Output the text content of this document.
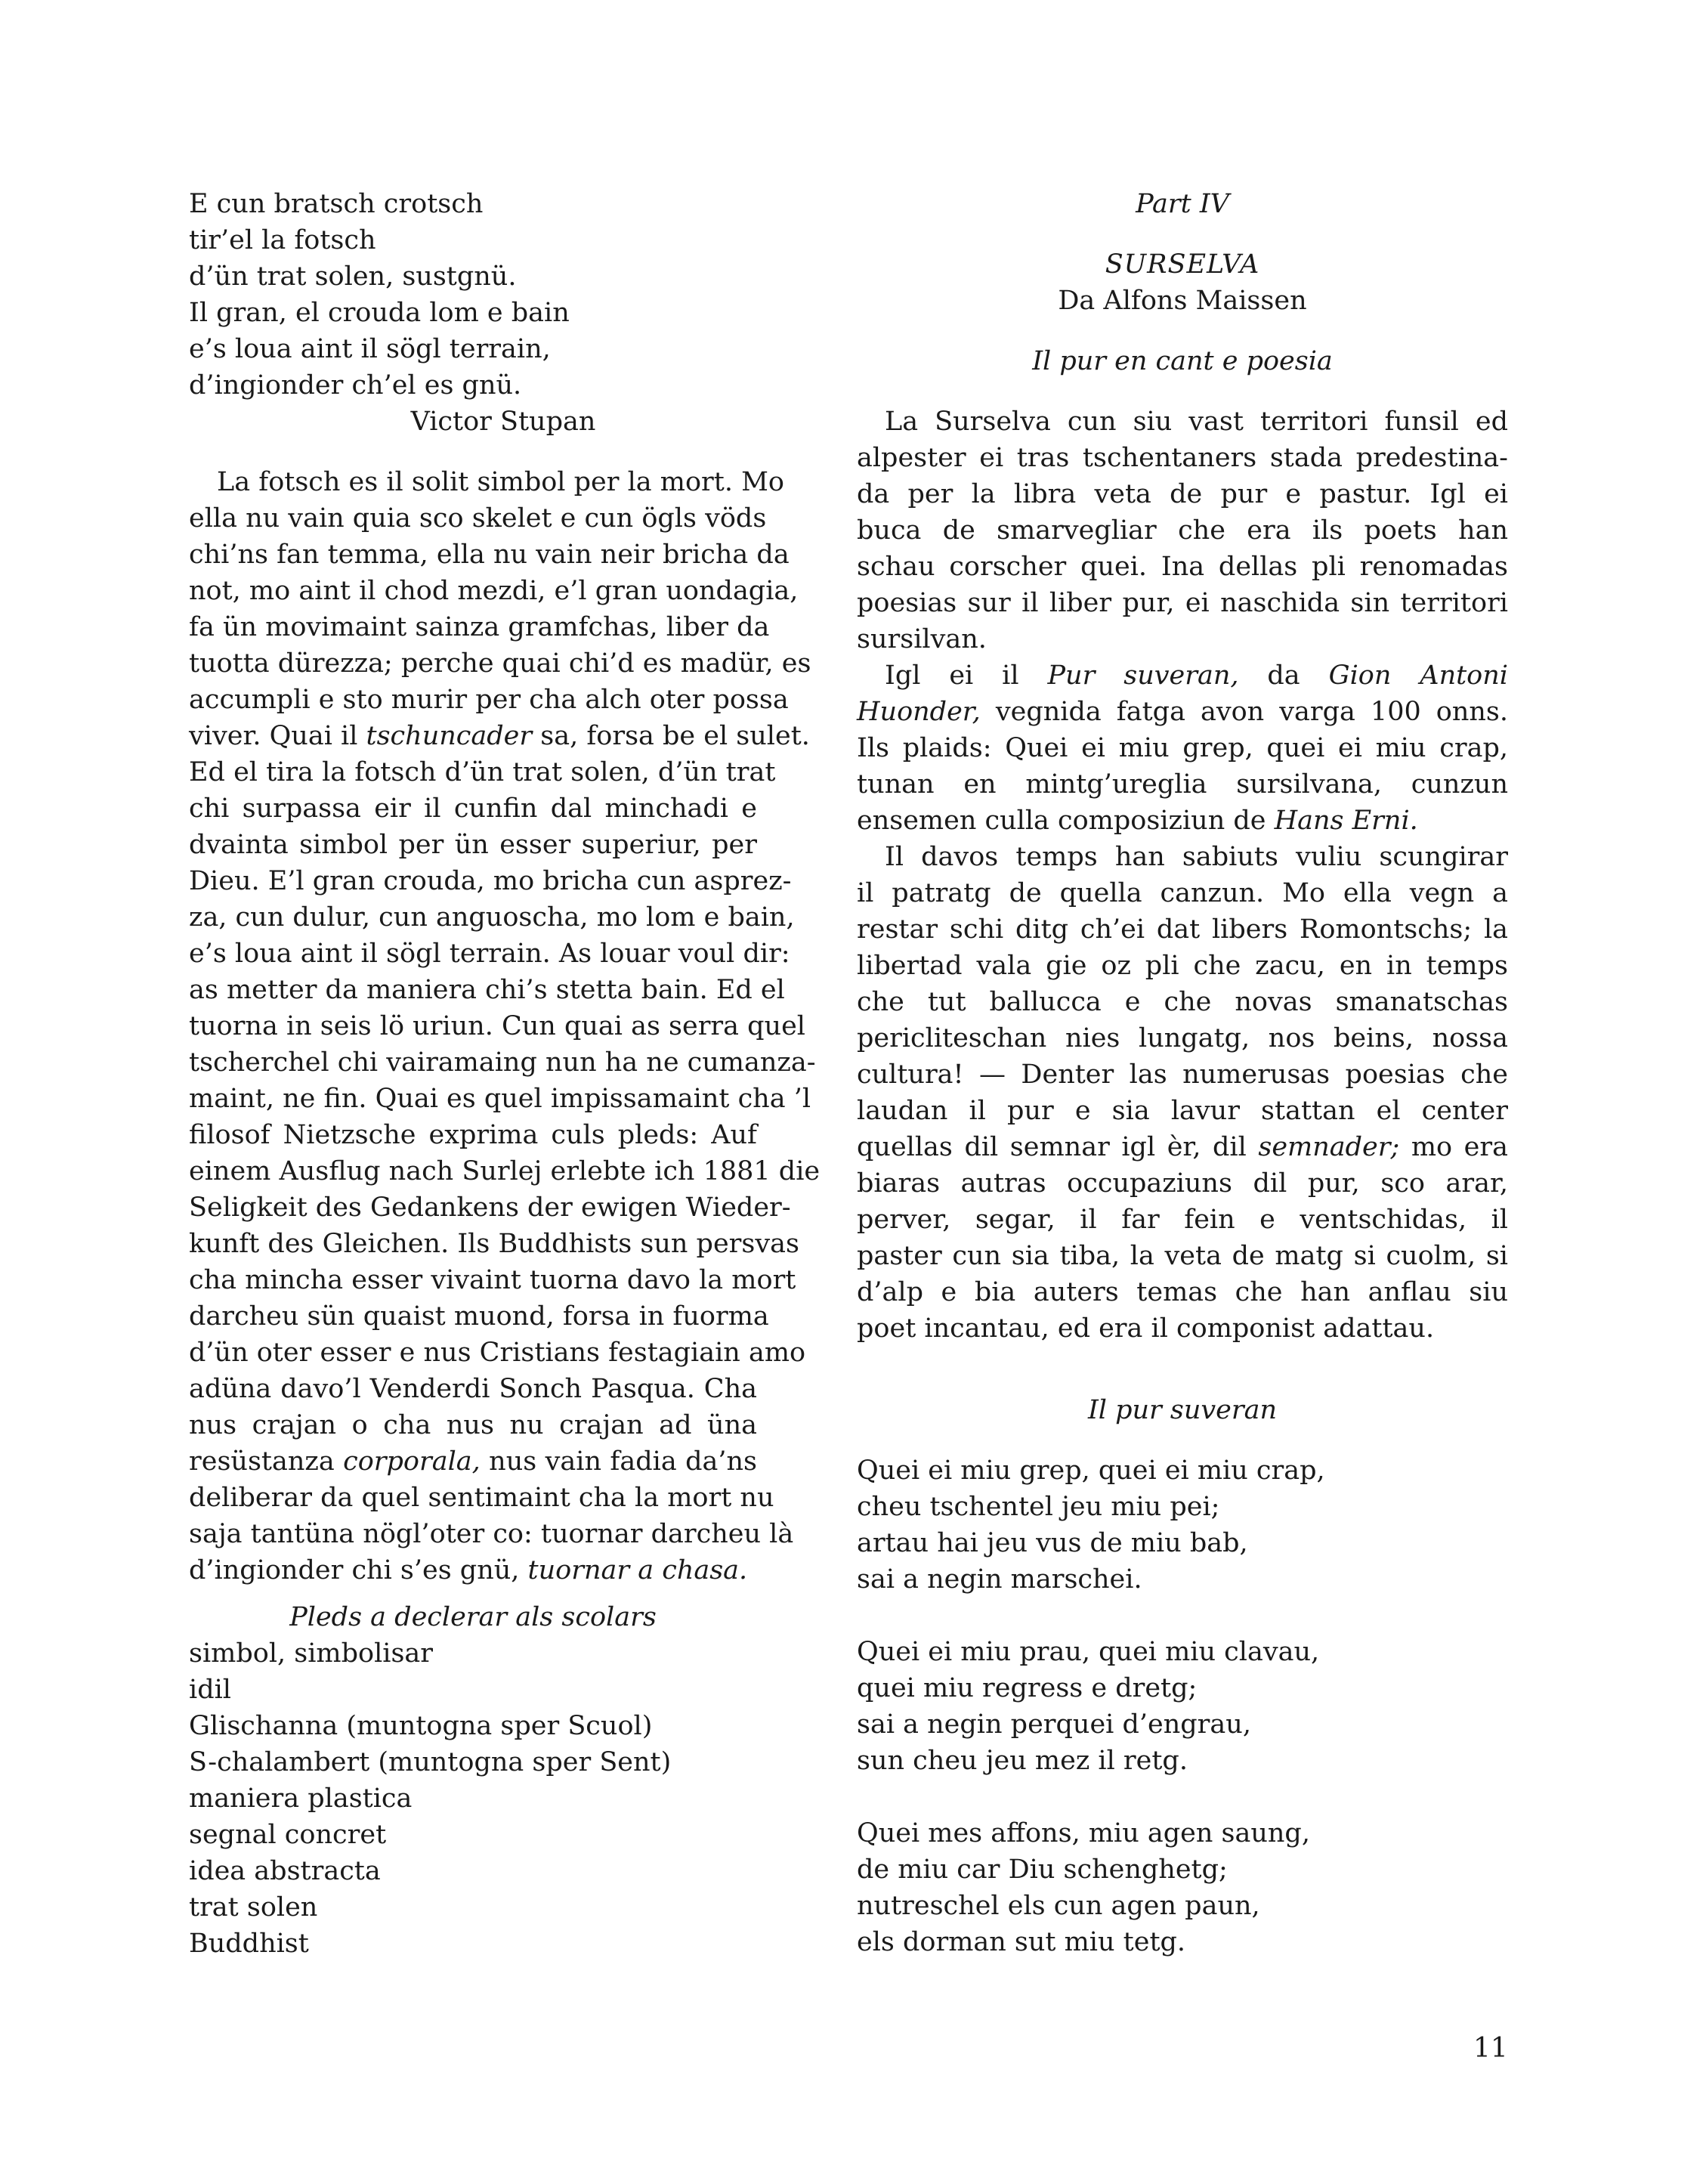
E cun bratsch crotsch
tir’el la fotsch
d’ün trat solen, sustgnü.
Il gran, el crouda lom e bain
e’s loua aint il sögl terrain,
d’ingionder ch’el es gnü.
Victor Stupan
La fotsch es il solit simbol per la mort. Mo
ella nu vain quia sco skelet e cun ögls vöds
chi’ns fan temma, ella nu vain neir bricha da
not, mo aint il chod mezdi, e’l gran uondagia,
fa ün movimaint sainza gramfchas, liber da
tuotta dürezza; perche quai chi’d es madür, es
accumpli e sto murir per cha alch oter possa
viver. Quai il tschuncader sa, forsa be el sulet.
Ed el tira la fotsch d’ün trat solen, d’ün trat
chi surpassa eir il cunfin dal minchadi e
dvainta simbol per ün esser superiur, per
Dieu. E’l gran crouda, mo bricha cun asprez-
za, cun dulur, cun anguoscha, mo lom e bain,
e’s loua aint il sögl terrain. As louar voul dir:
as metter da maniera chi’s stetta bain. Ed el
tuorna in seis lö uriun. Cun quai as serra quel
tscherchel chi vairamaing nun ha ne cumanza-
maint, ne fin. Quai es quel impissamaint cha ’l
filosof Nietzsche exprima culs pleds: Auf
einem Ausflug nach Surlej erlebte ich 1881 die
Seligkeit des Gedankens der ewigen Wieder-
kunft des Gleichen. Ils Buddhists sun persvas
cha mincha esser vivaint tuorna davo la mort
darcheu sün quaist muond, forsa in fuorma
d’ün oter esser e nus Cristians festagiain amo
adüna davo’l Venderdi Sonch Pasqua. Cha
nus crajan o cha nus nu crajan ad üna
resüstanza corporala, nus vain fadia da’ns
deliberar da quel sentimaint cha la mort nu
saja tantüna nögl’oter co: tuornar darcheu là
d’ingionder chi s’es gnü, tuornar a chasa.
Pleds a declerar als scolars
simbol, simbolisar
idil
Glischanna (muntogna sper Scuol)
S-chalambert (muntogna sper Sent)
maniera plastica
segnal concret
idea abstracta
trat solen
Buddhist
Part IV
SURSELVA
Da Alfons Maissen
Il pur en cant e poesia
La Surselva cun siu vast territori funsil ed
alpester ei tras tschentaners stada predestina-
da per la libra veta de pur e pastur. Igl ei
buca de smarvegliar che era ils poets han
schau corscher quei. Ina dellas pli renomadas
poesias sur il liber pur, ei naschida sin territori
sursilvan.
Igl ei il Pur suveran, da Gion Antoni
Huonder, vegnida fatga avon varga 100 onns.
Ils plaids: Quei ei miu grep, quei ei miu crap,
tunan en mintg’ureglia sursilvana, cunzun
ensemen culla composiziun de Hans Erni.
Il davos temps han sabiuts vuliu scungirar
il patratg de quella canzun. Mo ella vegn a
restar schi ditg ch’ei dat libers Romontschs; la
libertad vala gie oz pli che zacu, en in temps
che tut ballucca e che novas smanatschas
pericliteschan nies lungatg, nos beins, nossa
cultura! — Denter las numerusas poesias che
laudan il pur e sia lavur stattan el center
quellas dil semnar igl èr, dil semnader; mo era
biaras autras occupaziuns dil pur, sco arar,
perver, segar, il far fein e ventschidas, il
paster cun sia tiba, la veta de matg si cuolm, si
d’alp e bia auters temas che han anflau siu
poet incantau, ed era il componist adattau.
Il pur suveran
Quei ei miu grep, quei ei miu crap,
cheu tschentel jeu miu pei;
artau hai jeu vus de miu bab,
sai a negin marschei.
Quei ei miu prau, quei miu clavau,
quei miu regress e dretg;
sai a negin perquei d’engrau,
sun cheu jeu mez il retg.
Quei mes affons, miu agen saung,
de miu car Diu schenghetg;
nutreschel els cun agen paun,
els dorman sut miu tetg.
11
